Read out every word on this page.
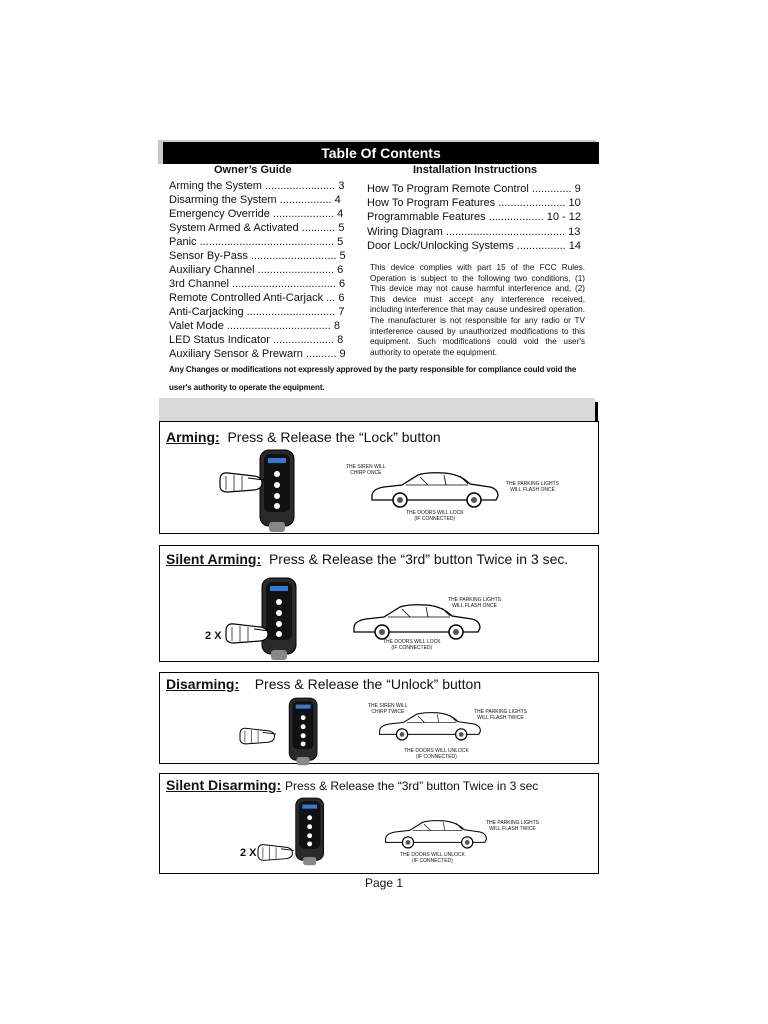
Table Of Contents
Owner’s Guide	Installation Instructions
Arming the System ....................... 3
Disarming the System ................. 4
Emergency Override .................... 4
System Armed & Activated ........... 5
Panic ............................................ 5
Sensor By-Pass ............................ 5
Auxiliary Channel ......................... 6
3rd Channel .................................. 6
Remote Controlled Anti-Carjack ... 6
Anti-Carjacking ............................. 7
Valet Mode .................................. 8
LED Status Indicator .................... 8
Auxiliary Sensor & Prewarn .......... 9
How To Program Remote Control ............. 9
How To Program Features ...................... 10
Programmable Features .................. 10 - 12
Wiring Diagram ....................................... 13
Door Lock/Unlocking Systems ................ 14
This device complies with part 15 of the FCC Rules. Operation is subject to the following two conditions, (1) This device may not cause harmful interference and, (2) This device must accept any interference received, including interference that may cause undesired operation. The manufacturer is not responsible for any radio or TV interference caused by unauthorized modifications to this equipment. Such modifications could void the user's authority to operate the equipment.
Any Changes or modifications not expressly approved by the party responsible for compliance could void the user's authority to operate the equipment.
Arming: Press & Release the “Lock” button
THE SIREN WILL
CHIRP ONCE
THE PARKING LIGHTS
WILL FLASH ONCE
THE DOORS WILL LOCK
(IF CONNECTED)
Silent Arming: Press & Release the “3rd” button Twice in 3 sec.
2 X
THE PARKING LIGHTS
WILL FLASH ONCE
THE DOORS WILL LOCK
(IF CONNECTED)
Disarming: Press & Release the “Unlock” button
THE SIREN WILL
CHIRP TWICE	THE PARKING LIGHTS
WILL FLASH TWICE
THE DOORS WILL UNLOCK
(IF CONNECTED)
Silent Disarming: Press & Release the “3rd” button Twice in 3 sec
2 X
THE PARKING LIGHTS
WILL FLASH TWICE
THE DOORS WILL UNLOCK
(IF CONNECTED)
Page 1
